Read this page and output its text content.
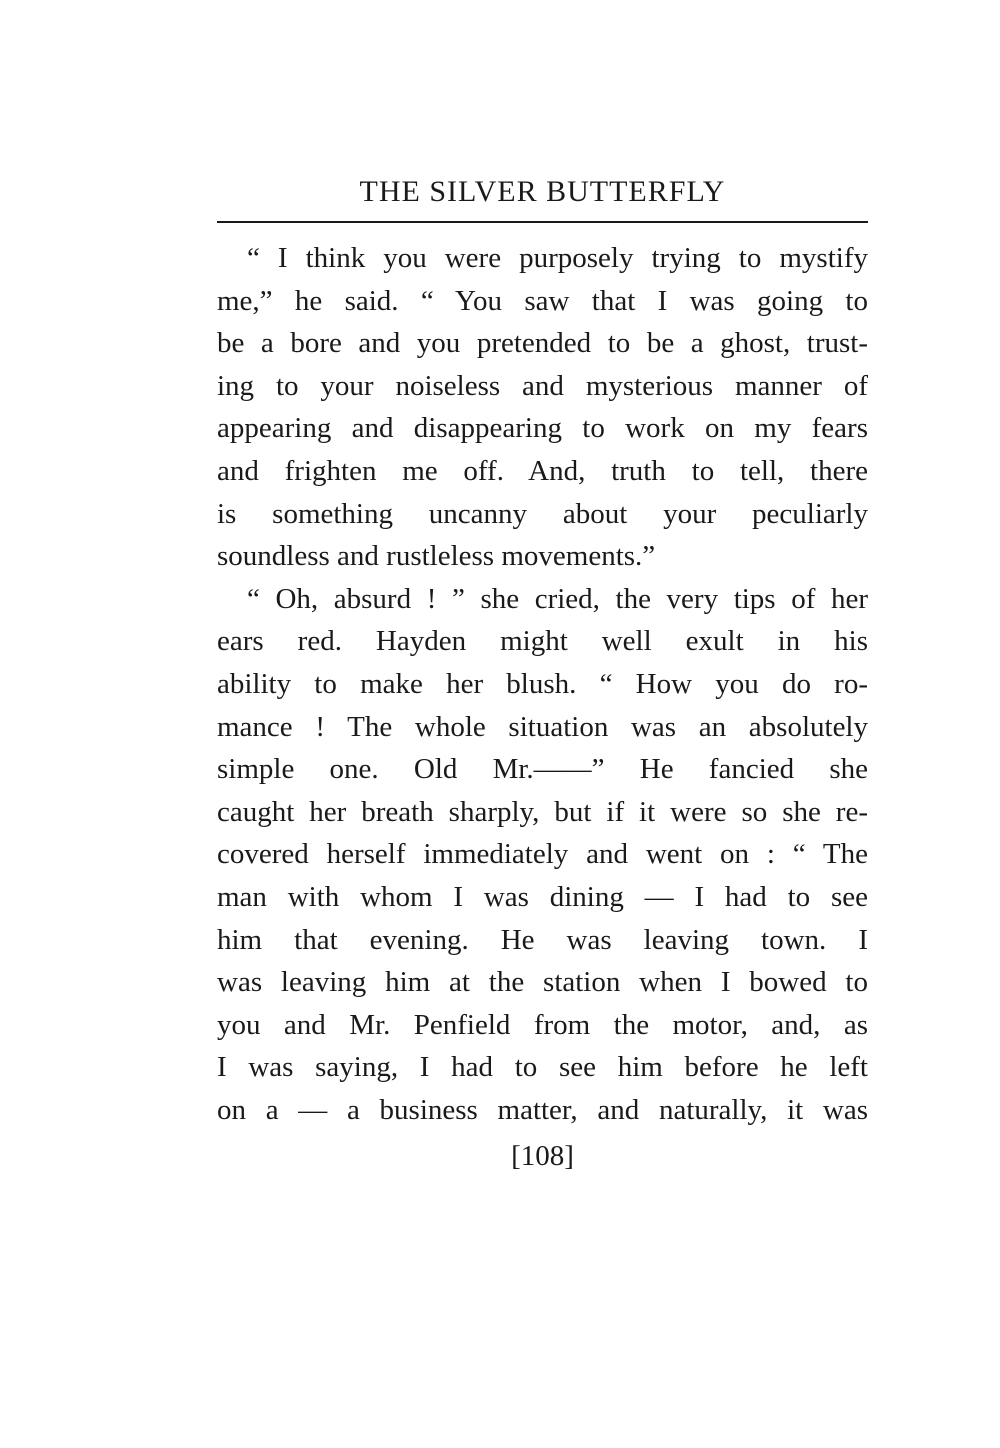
THE SILVER BUTTERFLY
“ I think you were purposely trying to mystify
me,” he said. “ You saw that I was going to
be a bore and you pretended to be a ghost, trust-
ing to your noiseless and mysterious manner of
appearing and disappearing to work on my fears
and frighten me off. And, truth to tell, there
is something uncanny about your peculiarly
soundless and rustleless movements.”
“ Oh, absurd ! ” she cried, the very tips of her
ears red. Hayden might well exult in his
ability to make her blush. “ How you do ro-
mance ! The whole situation was an absolutely
simple one. Old Mr.——” He fancied she
caught her breath sharply, but if it were so she re-
covered herself immediately and went on : “ The
man with whom I was dining — I had to see
him that evening. He was leaving town. I
was leaving him at the station when I bowed to
you and Mr. Penfield from the motor, and, as
I was saying, I had to see him before he left
on a — a business matter, and naturally, it was
[108]
